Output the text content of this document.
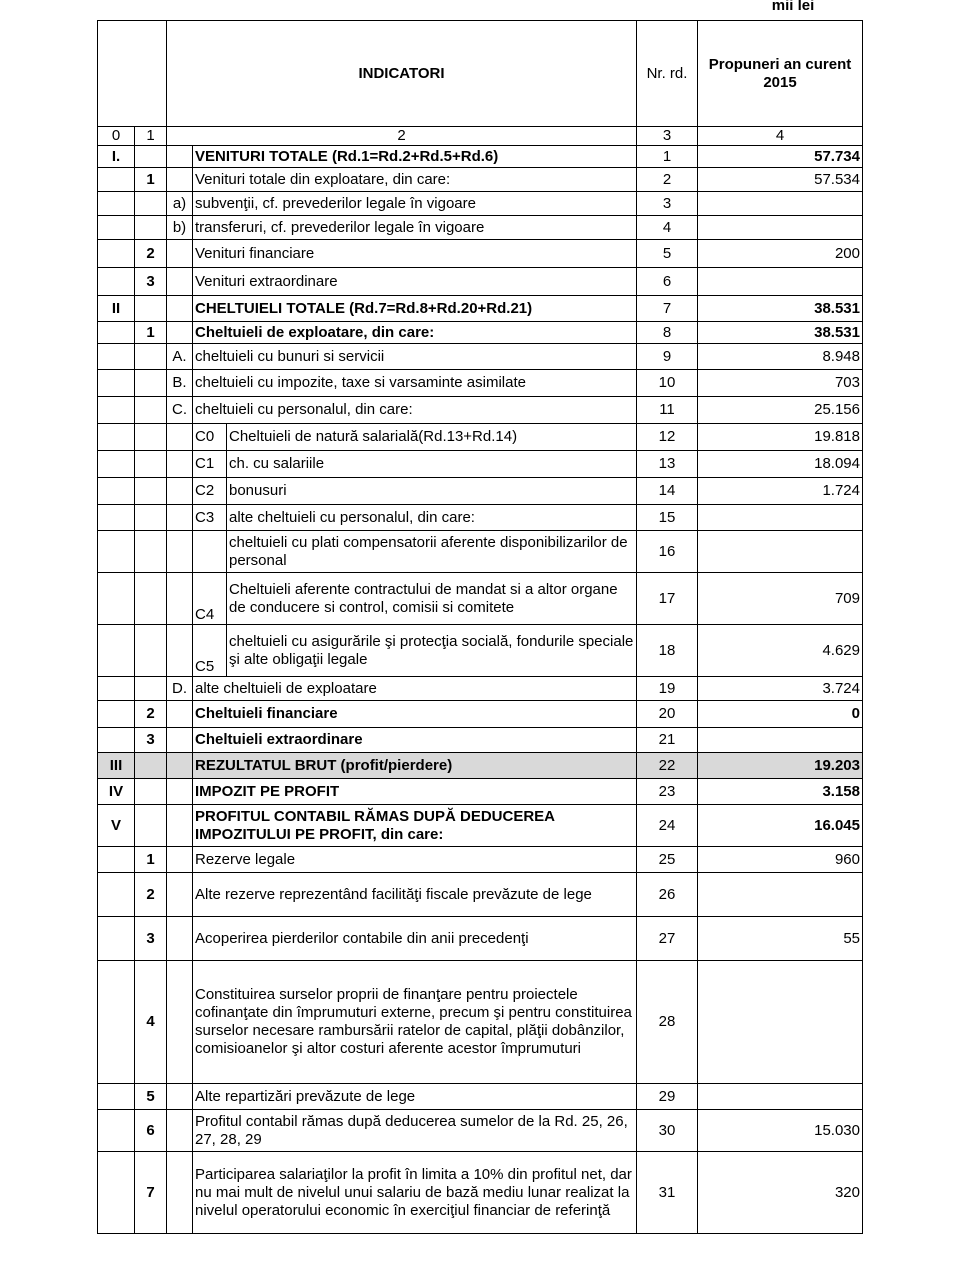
mii lei
		INDICATORI			Nr. rd.	Propuneri an curent 2015
0	1	2			3	4
I.			VENITURI TOTALE (Rd.1=Rd.2+Rd.5+Rd.6)		1	57.734
	1		Venituri totale din exploatare, din care:		2	57.534
		a)	subvenţii, cf. prevederilor legale în vigoare		3	
		b)	transferuri, cf. prevederilor legale în vigoare		4	
	2		Venituri financiare		5	200
	3		Venituri extraordinare		6	
II			CHELTUIELI TOTALE (Rd.7=Rd.8+Rd.20+Rd.21)		7	38.531
	1		Cheltuieli de exploatare, din care:		8	38.531
		A.	cheltuieli cu bunuri si servicii		9	8.948
		B.	cheltuieli cu impozite, taxe si varsaminte asimilate		10	703
		C.	cheltuieli cu personalul, din care:		11	25.156
			C0	Cheltuieli de natură salarială(Rd.13+Rd.14)	12	19.818
			C1	ch. cu salariile	13	18.094
			C2	bonusuri	14	1.724
			C3	alte cheltuieli cu personalul, din care:	15	
				cheltuieli cu plati compensatorii aferente disponibilizarilor de personal	16	
			C4	Cheltuieli aferente contractului de mandat si a altor organe de conducere si control, comisii si comitete	17	709
			C5	cheltuieli cu asigurările şi protecţia socială, fondurile speciale şi alte obligaţii legale	18	4.629
		D.	alte cheltuieli de exploatare		19	3.724
	2		Cheltuieli financiare		20	0
	3		Cheltuieli extraordinare		21	
III			REZULTATUL BRUT (profit/pierdere)		22	19.203
IV			IMPOZIT PE PROFIT		23	3.158
V			PROFITUL CONTABIL RĂMAS DUPĂ DEDUCEREA IMPOZITULUI PE PROFIT, din care:		24	16.045
	1		Rezerve legale		25	960
	2		Alte rezerve reprezentând facilităţi fiscale prevăzute de lege		26	
	3		Acoperirea pierderilor contabile din anii precedenţi		27	55
	4		Constituirea surselor proprii de finanţare pentru proiectele cofinanţate din împrumuturi externe, precum şi pentru constituirea surselor necesare rambursării ratelor de capital, plăţii dobânzilor, comisioanelor şi altor costuri aferente acestor împrumuturi		28	
	5		Alte repartizări prevăzute de lege		29	
	6		Profitul contabil rămas după deducerea sumelor de la Rd. 25, 26, 27, 28, 29		30	15.030
	7		Participarea salariaţilor la profit în limita a 10% din profitul net, dar nu mai mult de nivelul unui salariu de bază mediu lunar realizat la nivelul operatorului economic în exerciţiul financiar de referinţă		31	320
